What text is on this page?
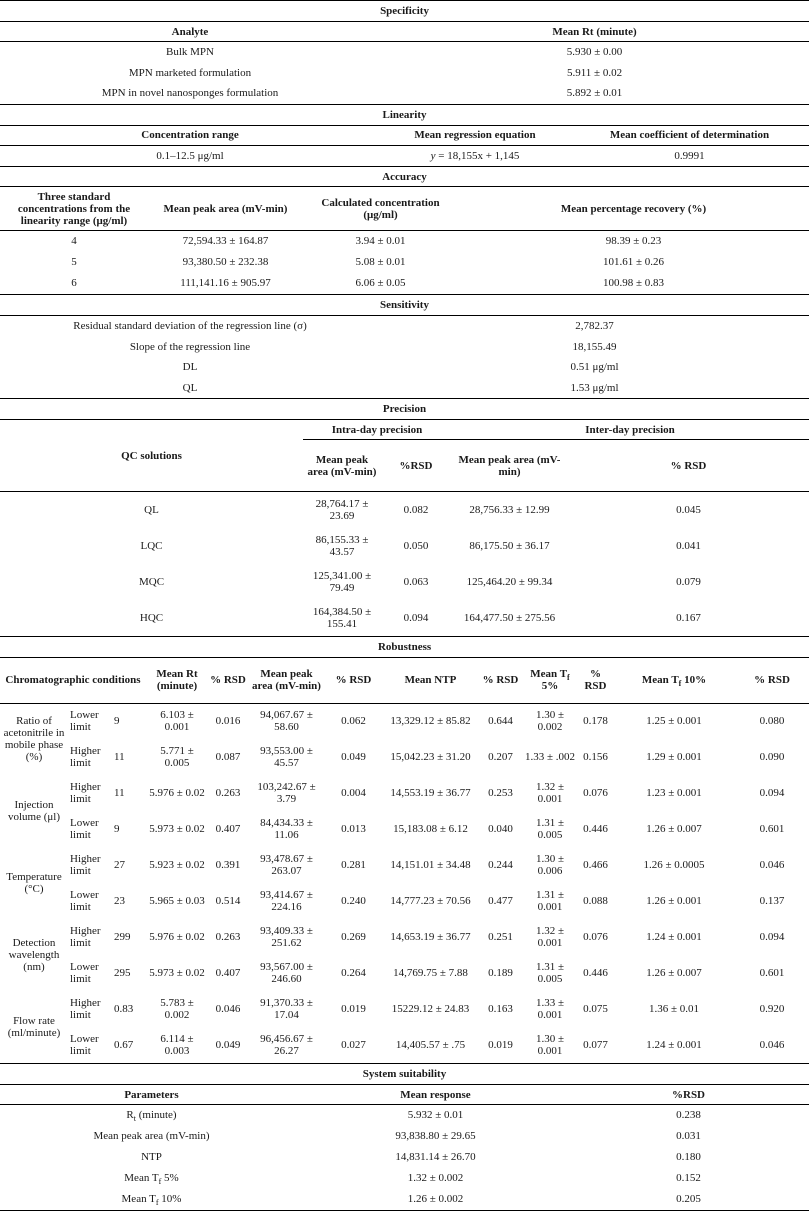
Specificity	
Analyte	Mean Rt (minute)
Bulk MPN	5.930 ± 0.00
MPN marketed formulation	5.911 ± 0.02
MPN in novel nanosponges formulation	5.892 ± 0.01
Linearity		
Concentration range	Mean regression equation	Mean coefficient of determination
0.1–12.5 μg/ml	y = 18,155x + 1,145	0.9991
Accuracy			
Three standard concentrations from the linearity range (μg/ml)	Mean peak area (mV-min)	Calculated concentration (μg/ml)	Mean percentage recovery (%)
4	72,594.33 ± 164.87	3.94 ± 0.01	98.39 ± 0.23
5	93,380.50 ± 232.38	5.08 ± 0.01	101.61 ± 0.26
6	111,141.16 ± 905.97	6.06 ± 0.05	100.98 ± 0.83
Sensitivity	
Residual standard deviation of the regression line (σ)	2,782.37
Slope of the regression line	18,155.49
DL	0.51 μg/ml
QL	1.53 μg/ml
Precision				
QC solutions	Intra-day precision		Inter-day precision	
	Mean peak area (mV-min)	%RSD	Mean peak area (mV-min)	% RSD
QL	28,764.17 ± 23.69	0.082	28,756.33 ± 12.99	0.045
LQC	86,155.33 ± 43.57	0.050	86,175.50 ± 36.17	0.041
MQC	125,341.00 ± 79.49	0.063	125,464.20 ± 99.34	0.079
HQC	164,384.50 ± 155.41	0.094	164,477.50 ± 275.56	0.167
Robustness												
Chromatographic conditions			Mean Rt (minute)	% RSD	Mean peak area (mV-min)	% RSD	Mean NTP	% RSD	Mean $T_f$ 5%	% RSD	Mean $T_f$ 10%	% RSD
Ratio of acetonitrile in mobile phase (%)	Lower limit	9	6.103 ± 0.001	0.016	94,067.67 ± 58.60	0.062	13,329.12 ± 85.82	0.644	1.30 ± 0.002	0.178	1.25 ± 0.001	0.080
	Higher limit	11	5.771 ± 0.005	0.087	93,553.00 ± 45.57	0.049	15,042.23 ± 31.20	0.207	1.33 ± .002	0.156	1.29 ± 0.001	0.090
Injection volume (μl)	Higher limit	11	5.976 ± 0.02	0.263	103,242.67 ± 3.79	0.004	14,553.19 ± 36.77	0.253	1.32 ± 0.001	0.076	1.23 ± 0.001	0.094
	Lower limit	9	5.973 ± 0.02	0.407	84,434.33 ± 11.06	0.013	15,183.08 ± 6.12	0.040	1.31 ± 0.005	0.446	1.26 ± 0.007	0.601
Temperature (°C)	Higher limit	27	5.923 ± 0.02	0.391	93,478.67 ± 263.07	0.281	14,151.01 ± 34.48	0.244	1.30 ± 0.006	0.466	1.26 ± 0.0005	0.046
	Lower limit	23	5.965 ± 0.03	0.514	93,414.67 ± 224.16	0.240	14,777.23 ± 70.56	0.477	1.31 ± 0.001	0.088	1.26 ± 0.001	0.137
Detection wavelength (nm)	Higher limit	299	5.976 ± 0.02	0.263	93,409.33 ± 251.62	0.269	14,653.19 ± 36.77	0.251	1.32 ± 0.001	0.076	1.24 ± 0.001	0.094
	Lower limit	295	5.973 ± 0.02	0.407	93,567.00 ± 246.60	0.264	14,769.75 ± 7.88	0.189	1.31 ± 0.005	0.446	1.26 ± 0.007	0.601
Flow rate (ml/minute)	Higher limit	0.83	5.783 ± 0.002	0.046	91,370.33 ± 17.04	0.019	15229.12 ± 24.83	0.163	1.33 ± 0.001	0.075	1.36 ± 0.01	0.920
	Lower limit	0.67	6.114 ± 0.003	0.049	96,456.67 ± 26.27	0.027	14,405.57 ± .75	0.019	1.30 ± 0.001	0.077	1.24 ± 0.001	0.046
System suitability		
Parameters	Mean response	%RSD
$R_t$ (minute)	5.932 ± 0.01	0.238
Mean peak area (mV-min)	93,838.80 ± 29.65	0.031
NTP	14,831.14 ± 26.70	0.180
Mean $T_f$ 5%	1.32 ± 0.002	0.152
Mean $T_f$ 10%	1.26 ± 0.002	0.205
